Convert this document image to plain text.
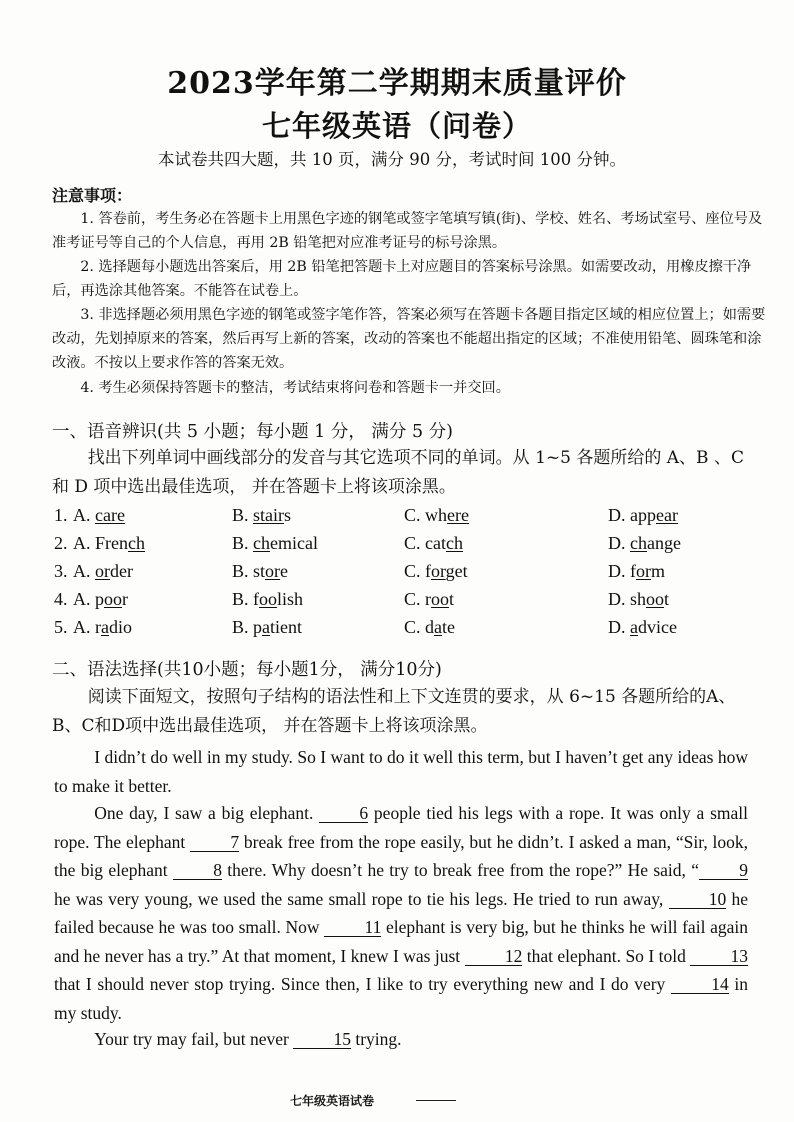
2023学年第二学期期末质量评价
七年级英语（问卷）
本试卷共四大题，共 10 页，满分 90 分，考试时间 100 分钟。
注意事项：
1. 答卷前，考生务必在答题卡上用黑色字迹的钢笔或签字笔填写镇(街)、学校、姓名、考场试室号、座位号及准考证号等自己的个人信息，再用 2B 铅笔把对应准考证号的标号涂黑。
2. 选择题每小题选出答案后，用 2B 铅笔把答题卡上对应题目的答案标号涂黑。如需要改动，用橡皮擦干净后，再选涂其他答案。不能答在试卷上。
3. 非选择题必须用黑色字迹的钢笔或签字笔作答，答案必须写在答题卡各题目指定区域的相应位置上；如需要改动，先划掉原来的答案，然后再写上新的答案，改动的答案也不能超出指定的区域；不准使用铅笔、圆珠笔和涂改液。不按以上要求作答的答案无效。
4. 考生必须保持答题卡的整洁，考试结束将问卷和答题卡一并交回。
一、语音辨识(共 5 小题；每小题 1 分， 满分 5 分)
找出下列单词中画线部分的发音与其它选项不同的单词。从 1~5 各题所给的 A、B 、C 和 D 项中选出最佳选项， 并在答题卡上将该项涂黑。
1. A. care	B. stairs	C. where	D. appear
2. A. French	B. chemical	C. catch	D. change
3. A. order	B. store	C. forget	D. form
4. A. poor	B. foolish	C. root	D. shoot
5. A. radio	B. patient	C. date	D. advice
二、语法选择(共10小题；每小题1分， 满分10分)
阅读下面短文，按照句子结构的语法性和上下文连贯的要求，从 6~15 各题所给的A、B、C和D项中选出最佳选项， 并在答题卡上将该项涂黑。
I didn’t do well in my study. So I want to do it well this term, but I haven’t get any ideas how to make it better.
One day, I saw a big elephant. 6 people tied his legs with a rope. It was only a small rope. The elephant 7 break free from the rope easily, but he didn’t. I asked a man, “Sir, look, the big elephant 8 there. Why doesn’t he try to break free from the rope?” He said, “ 9 he was very young, we used the same small rope to tie his legs. He tried to run away, 10 he failed because he was too small. Now 11 elephant is very big, but he thinks he will fail again and he never has a try.” At that moment, I knew I was just 12 that elephant. So I told 13 that I should never stop trying. Since then, I like to try everything new and I do very 14 in my study.
Your try may fail, but never 15 trying.
七年级英语试卷
